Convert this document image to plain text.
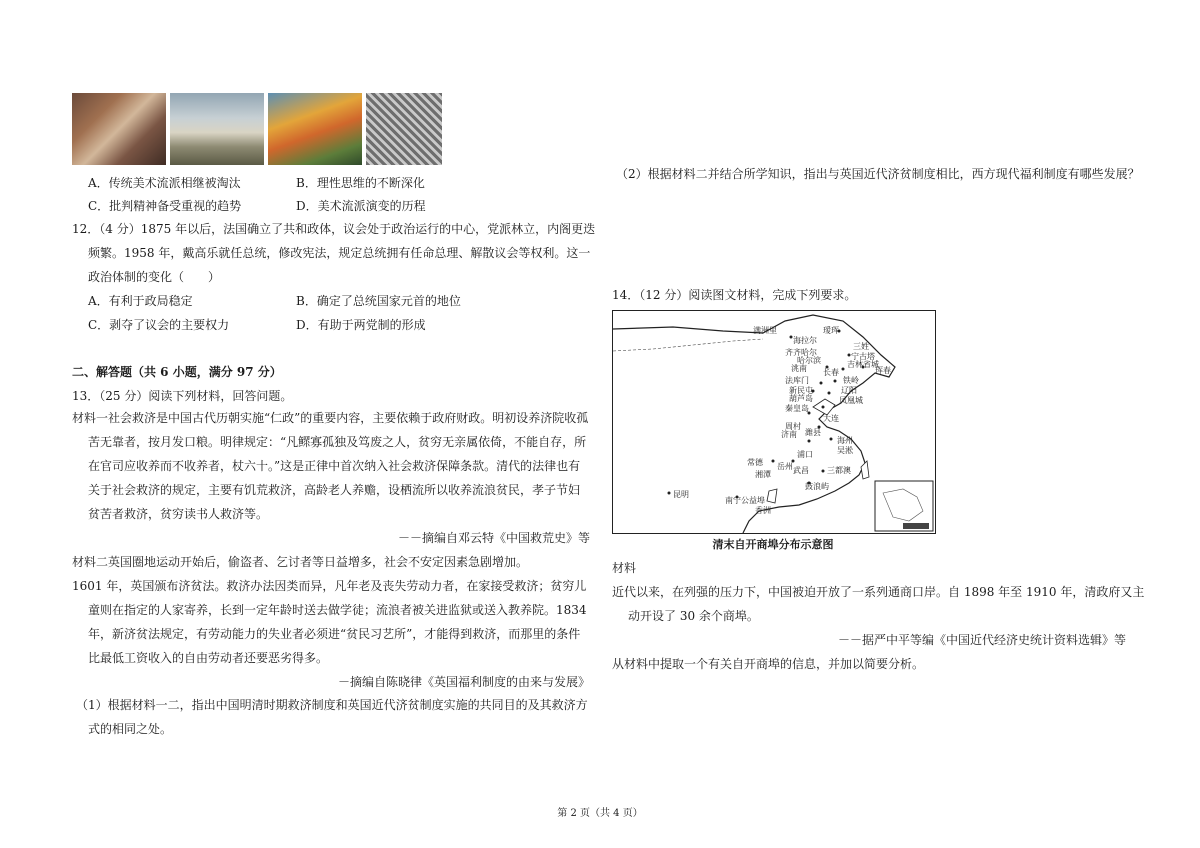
A．传统美术流派相继被淘汰	B．理性思维的不断深化
C．批判精神备受重视的趋势	D．美术流派演变的历程
12．（4 分）1875 年以后，法国确立了共和政体，议会处于政治运行的中心，党派林立，内阁更迭
频繁。1958 年，戴高乐就任总统，修改宪法，规定总统拥有任命总理、解散议会等权利。这一
政治体制的变化（　　）
A．有利于政局稳定	B．确定了总统国家元首的地位
C．剥夺了议会的主要权力	D．有助于两党制的形成
二、解答题（共 6 小题，满分 97 分）
13．（25 分）阅读下列材料，回答问题。
材料一社会救济是中国古代历朝实施“仁政”的重要内容，主要依赖于政府财政。明初设养济院收孤
苦无靠者，按月发口粮。明律规定：“凡鳏寡孤独及笃废之人，贫穷无亲属依倚，不能自存，所
在官司应收养而不收养者，杖六十。”这是正律中首次纳入社会救济保障条款。清代的法律也有
关于社会救济的规定，主要有饥荒救济，高龄老人养赡，设栖流所以收养流浪贫民，孝子节妇
贫苦者救济，贫穷读书人救济等。
－－摘编自邓云特《中国救荒史》等
材料二英国圈地运动开始后，偷盗者、乞讨者等日益增多，社会不安定因素急剧增加。
1601 年，英国颁布济贫法。救济办法因类而异，凡年老及丧失劳动力者，在家接受救济；贫穷儿
童则在指定的人家寄养，长到一定年龄时送去做学徒；流浪者被关进监狱或送入教养院。1834
年，新济贫法规定，有劳动能力的失业者必须进“贫民习艺所”，才能得到救济，而那里的条件
比最低工资收入的自由劳动者还要恶劣得多。
－摘编自陈晓律《英国福利制度的由来与发展》
（1）根据材料一二，指出中国明清时期救济制度和英国近代济贫制度实施的共同目的及其救济方
式的相同之处。
（2）根据材料二并结合所学知识，指出与英国近代济贫制度相比，西方现代福利制度有哪些发展？
14．（12 分）阅读图文材料，完成下列要求。
满洲里
海拉尔
瑷珲
三姓
齐齐哈尔
哈尔滨	宁古塔
吉林省城
长春	珲春
洮南
法库门
新民屯	辽阳
铁岭
葫芦岛	凤凰城
秦皇岛
周村
济南 潍县
大连
浦口
海州
吴淞
常德
武昌
岳州
湘潭	三都澳
鼓浪屿
昆明
南宁 公益埠
香洲
清末自开商埠分布示意图
材料
近代以来，在列强的压力下，中国被迫开放了一系列通商口岸。自 1898 年至 1910 年，清政府又主
动开设了 30 余个商埠。
－－据严中平等编《中国近代经济史统计资料选辑》等
从材料中提取一个有关自开商埠的信息，并加以简要分析。
第 2 页（共 4 页）
